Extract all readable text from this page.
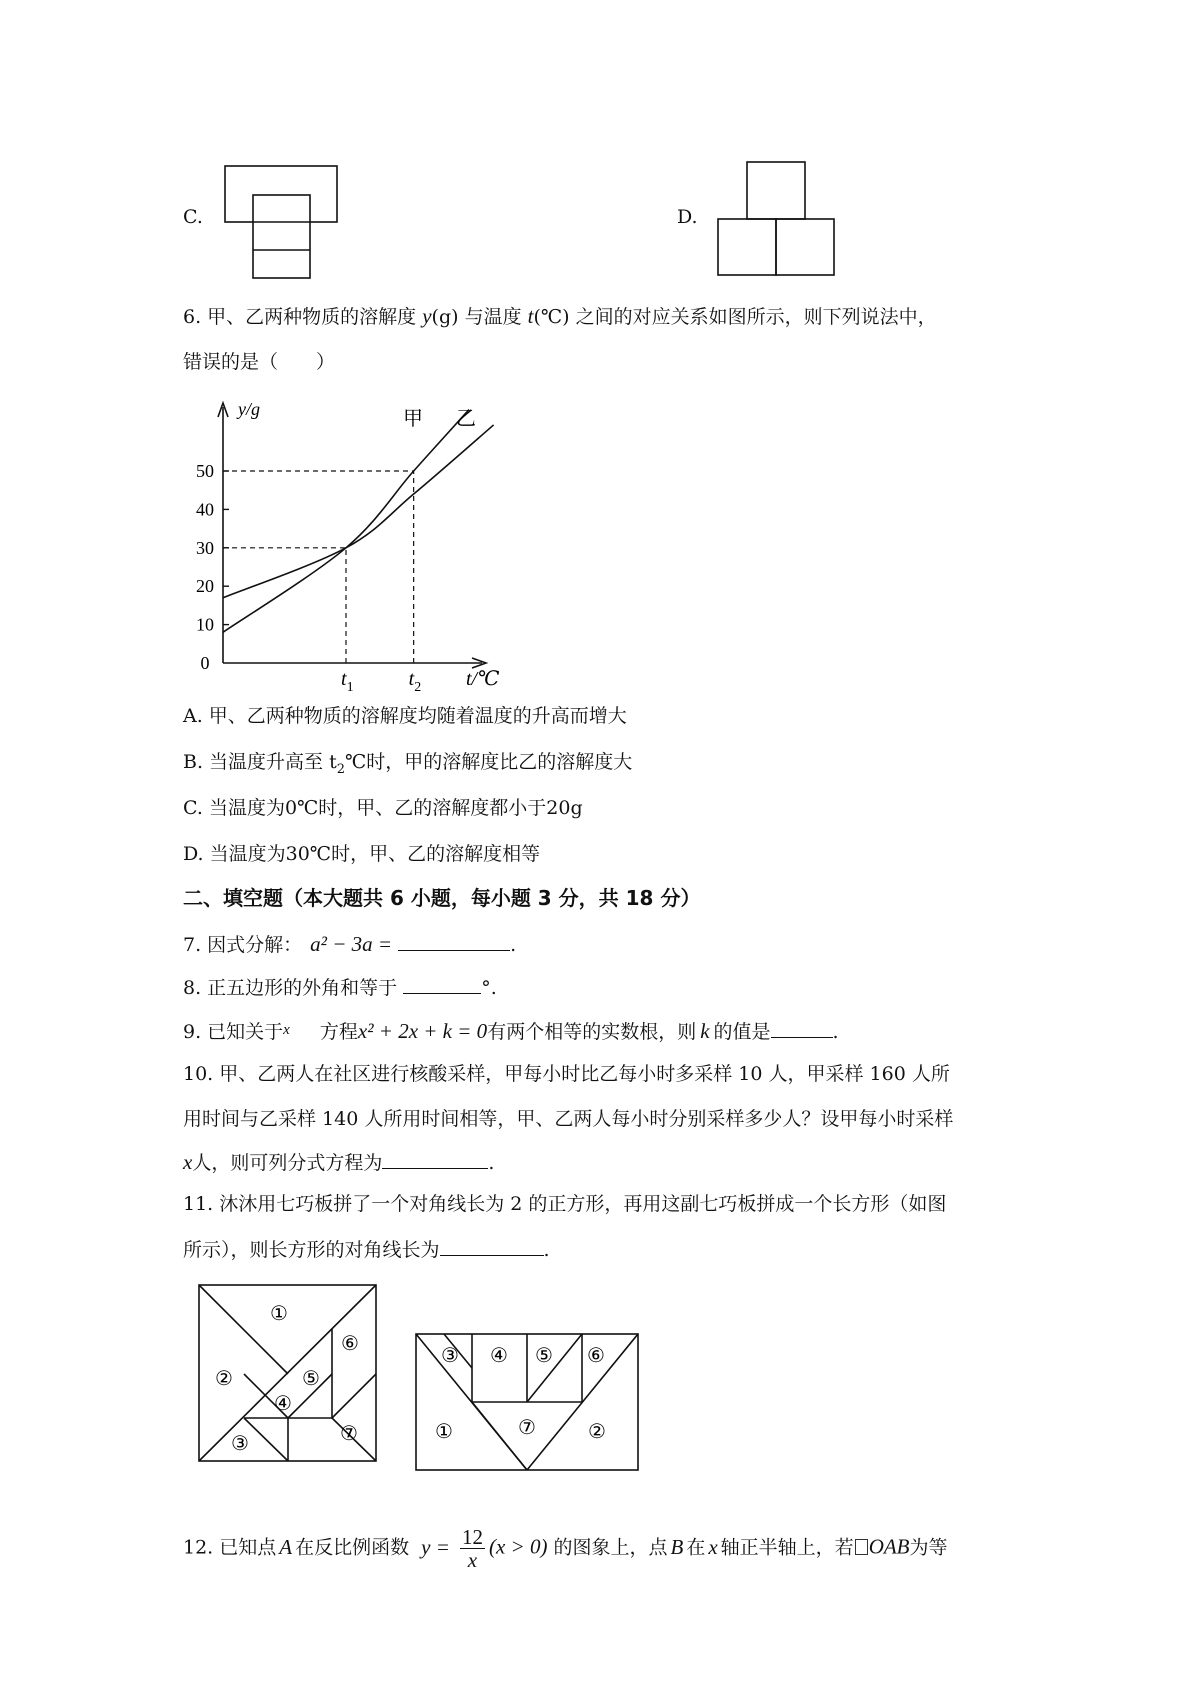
C.	D.
6. 甲、乙两种物质的溶解度 y(g) 与温度 t(℃) 之间的对应关系如图所示，则下列说法中，
错误的是（　　）
10
20
30
40
50
0
y/g
t/℃
$t_1$	$t_2$
甲 乙
A. 甲、乙两种物质的溶解度均随着温度的升高而增大
B. 当温度升高至 $t_2℃$时，甲的溶解度比乙的溶解度大
C. 当温度为0℃时，甲、乙的溶解度都小于20g
D. 当温度为30℃时，甲、乙的溶解度相等
二、填空题（本大题共 6 小题，每小题 3 分，共 18 分）
7. 因式分解： a² − 3a =	.
8. 正五边形的外角和等于	°.
9. 已知关于$^x$ 方程x² + 2x + k = 0有两个相等的实数根，则 k 的值是	.
10. 甲、乙两人在社区进行核酸采样，甲每小时比乙每小时多采样 10 人，甲采样 160 人所
用时间与乙采样 140 人所用时间相等，甲、乙两人每小时分别采样多少人？设甲每小时采样
x人，则可列分式方程为	.
11. 沐沐用七巧板拼了一个对角线长为 2 的正方形，再用这副七巧板拼成一个长方形（如图
所示），则长方形的对角线长为	.
①
②
③
④
⑤
⑥
⑦
③ ④ ⑤ ⑥
①	⑦	②
12. 已知点 A 在反比例函数 $y = \frac{12}{x} (x > 0)$ 的图象上，点 B 在 x 轴正半轴上，若 OAB为等
